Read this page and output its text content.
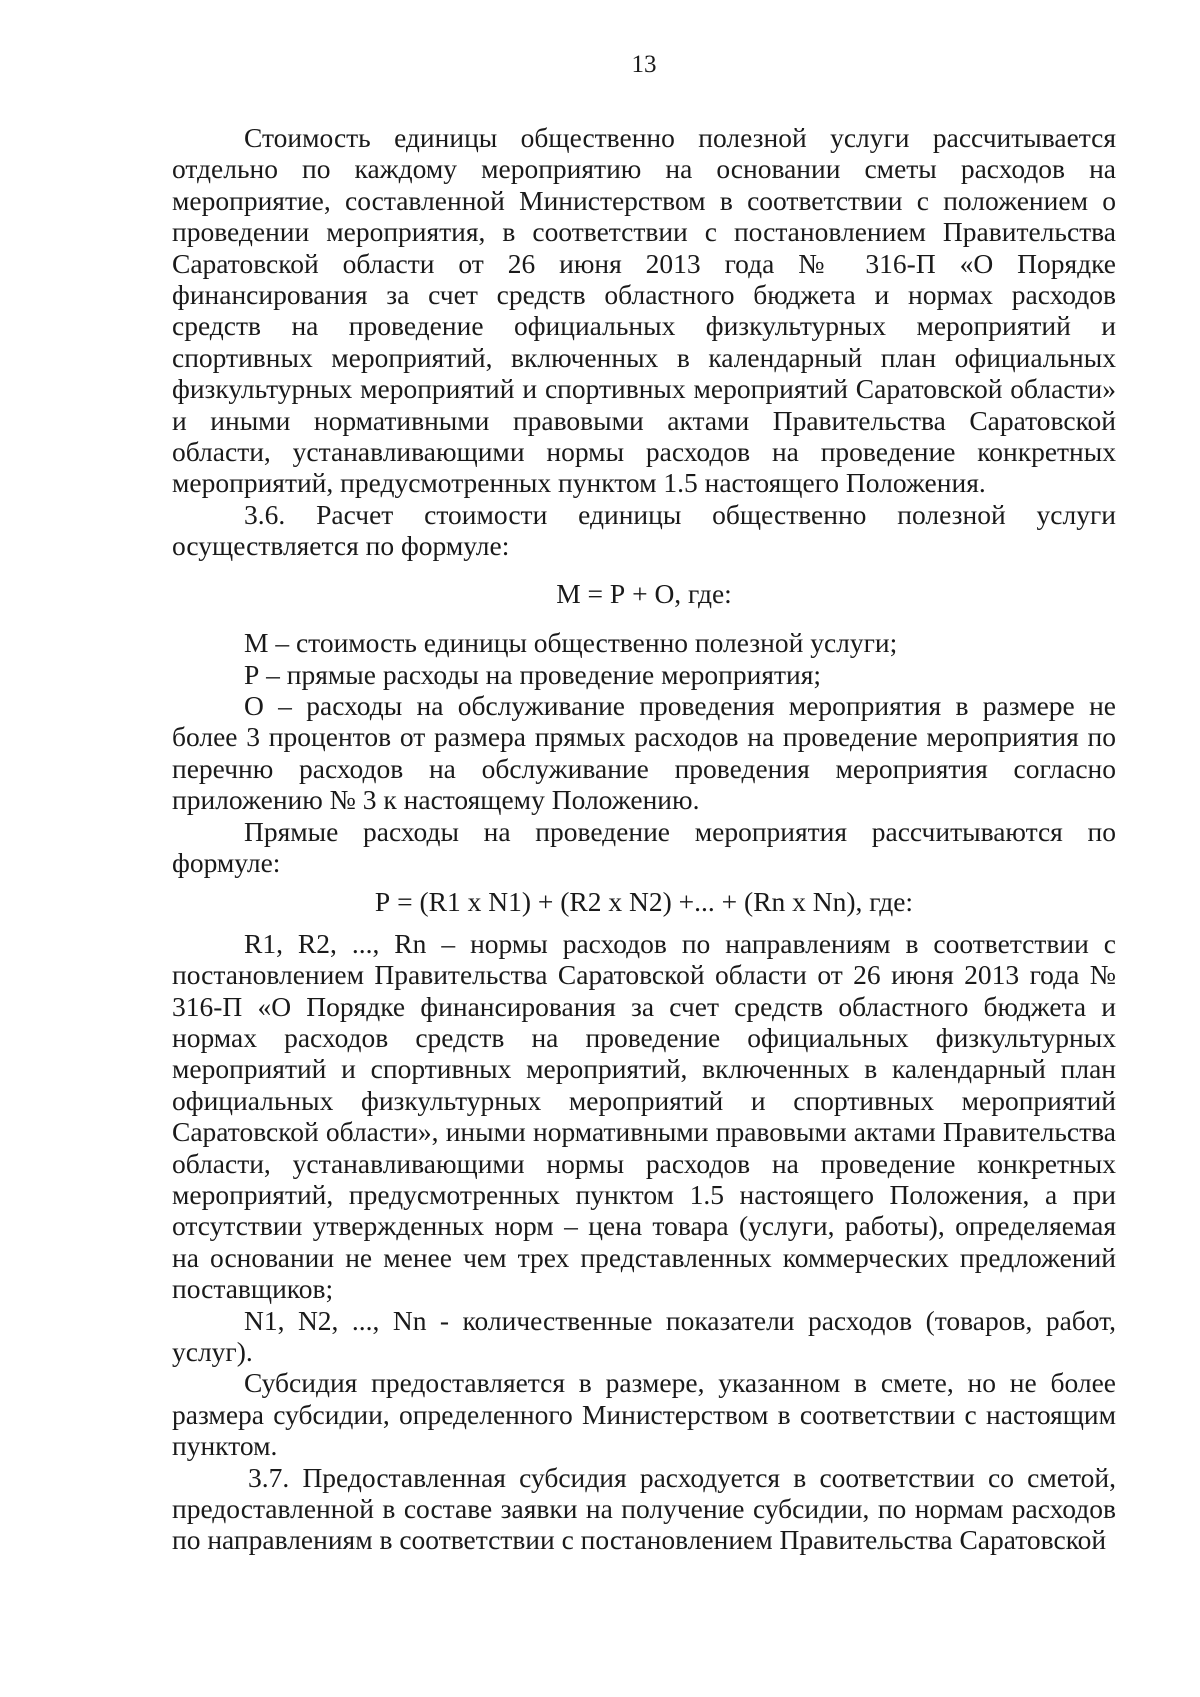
13

Стоимость единицы общественно полезной услуги рассчитывается отдельно по каждому мероприятию на основании сметы расходов на мероприятие, составленной Министерством в соответствии с положением о проведении мероприятия, в соответствии с постановлением Правительства Саратовской области от 26 июня 2013 года № 316-П «О Порядке финансирования за счет средств областного бюджета и нормах расходов средств на проведение официальных физкультурных мероприятий и спортивных мероприятий, включенных в календарный план официальных физкультурных мероприятий и спортивных мероприятий Саратовской области» и иными нормативными правовыми актами Правительства Саратовской области, устанавливающими нормы расходов на проведение конкретных мероприятий, предусмотренных пунктом 1.5 настоящего Положения.

3.6. Расчет стоимости единицы общественно полезной услуги осуществляется по формуле:

М = Р + О, где:

М – стоимость единицы общественно полезной услуги;

Р – прямые расходы на проведение мероприятия;

О – расходы на обслуживание проведения мероприятия в размере не более 3 процентов от размера прямых расходов на проведение мероприятия по перечню расходов на обслуживание проведения мероприятия согласно приложению № 3 к настоящему Положению.

Прямые расходы на проведение мероприятия рассчитываются по формуле:

Р = (R1 x N1) + (R2 x N2) +... + (Rn x Nn), где:

R1, R2, ..., Rn – нормы расходов по направлениям в соответствии с постановлением Правительства Саратовской области от 26 июня 2013 года № 316-П «О Порядке финансирования за счет средств областного бюджета и нормах расходов средств на проведение официальных физкультурных мероприятий и спортивных мероприятий, включенных в календарный план официальных физкультурных мероприятий и спортивных мероприятий Саратовской области», иными нормативными правовыми актами Правительства области, устанавливающими нормы расходов на проведение конкретных мероприятий, предусмотренных пунктом 1.5 настоящего Положения, а при отсутствии утвержденных норм – цена товара (услуги, работы), определяемая на основании не менее чем трех представленных коммерческих предложений поставщиков;

N1, N2, ..., Nn - количественные показатели расходов (товаров, работ, услуг).

Субсидия предоставляется в размере, указанном в смете, но не более размера субсидии, определенного Министерством в соответствии с настоящим пунктом.

3.7. Предоставленная субсидия расходуется в соответствии со сметой, предоставленной в составе заявки на получение субсидии, по нормам расходов по направлениям в соответствии с постановлением Правительства Саратовской
